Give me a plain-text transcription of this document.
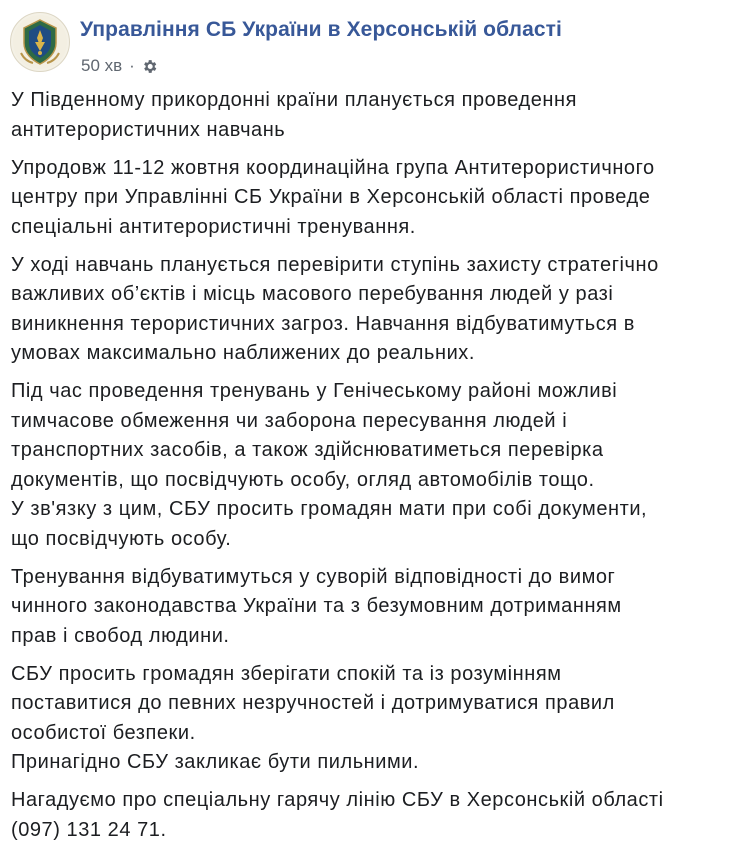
Управління СБ України в Херсонській області
50 хв ·

У Південному прикордонні країни планується проведення
антитерористичних навчань

Упродовж 11-12 жовтня координаційна група Антитерористичного
центру при Управлінні СБ України в Херсонській області проведе
спеціальні антитерористичні тренування.

У ході навчань планується перевірити ступінь захисту стратегічно
важливих об’єктів і місць масового перебування людей у разі
виникнення терористичних загроз. Навчання відбуватимуться в
умовах максимально наближених до реальних.

Під час проведення тренувань у Генічеському районі можливі
тимчасове обмеження чи заборона пересування людей і
транспортних засобів, а також здійснюватиметься перевірка
документів, що посвідчують особу, огляд автомобілів тощо.
У зв'язку з цим, СБУ просить громадян мати при собі документи,
що посвідчують особу.

Тренування відбуватимуться у суворій відповідності до вимог
чинного законодавства України та з безумовним дотриманням
прав і свобод людини.

СБУ просить громадян зберігати спокій та із розумінням
поставитися до певних незручностей і дотримуватися правил
особистої безпеки.
Принагідно СБУ закликає бути пильними.

Нагадуємо про спеціальну гарячу лінію СБУ в Херсонській області
(097) 131 24 71.
